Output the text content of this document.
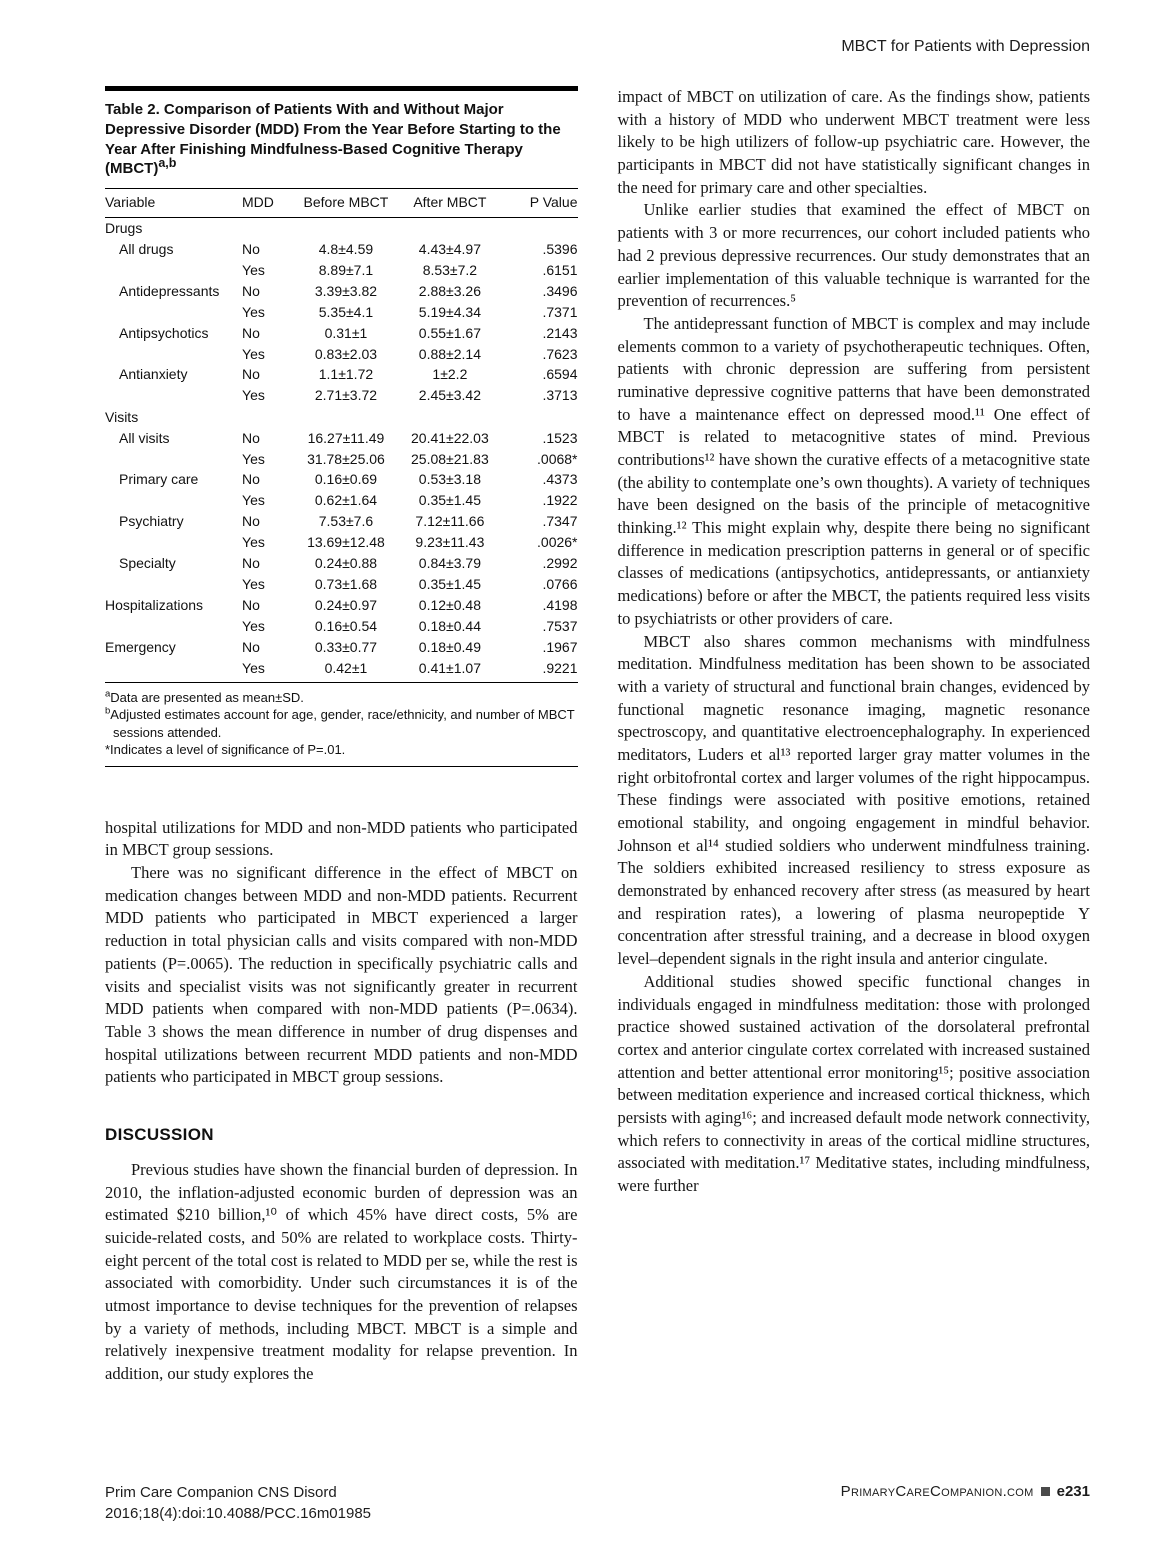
MBCT for Patients with Depression
Table 2. Comparison of Patients With and Without Major Depressive Disorder (MDD) From the Year Before Starting to the Year After Finishing Mindfulness-Based Cognitive Therapy (MBCT)$^{a,b}$
Variable	MDD	Before MBCT	After MBCT	P Value
Drugs				
All drugs	No	4.8±4.59	4.43±4.97	.5396
	Yes	8.89±7.1	8.53±7.2	.6151
Antidepressants	No	3.39±3.82	2.88±3.26	.3496
	Yes	5.35±4.1	5.19±4.34	.7371
Antipsychotics	No	0.31±1	0.55±1.67	.2143
	Yes	0.83±2.03	0.88±2.14	.7623
Antianxiety	No	1.1±1.72	1±2.2	.6594
	Yes	2.71±3.72	2.45±3.42	.3713
Visits				
All visits	No	16.27±11.49	20.41±22.03	.1523
	Yes	31.78±25.06	25.08±21.83	.0068*
Primary care	No	0.16±0.69	0.53±3.18	.4373
	Yes	0.62±1.64	0.35±1.45	.1922
Psychiatry	No	7.53±7.6	7.12±11.66	.7347
	Yes	13.69±12.48	9.23±11.43	.0026*
Specialty	No	0.24±0.88	0.84±3.79	.2992
	Yes	0.73±1.68	0.35±1.45	.0766
Hospitalizations	No	0.24±0.97	0.12±0.48	.4198
	Yes	0.16±0.54	0.18±0.44	.7537
Emergency	No	0.33±0.77	0.18±0.49	.1967
	Yes	0.42±1	0.41±1.07	.9221
$^a$Data are presented as mean±SD.
$^b$Adjusted estimates account for age, gender, race/ethnicity, and number of MBCT sessions attended.
*Indicates a level of significance of P=.01.

hospital utilizations for MDD and non-MDD patients who participated in MBCT group sessions.

There was no significant difference in the effect of MBCT on medication changes between MDD and non-MDD patients. Recurrent MDD patients who participated in MBCT experienced a larger reduction in total physician calls and visits compared with non-MDD patients (P=.0065). The reduction in specifically psychiatric calls and visits and specialist visits was not significantly greater in recurrent MDD patients when compared with non-MDD patients (P=.0634). Table 3 shows the mean difference in number of drug dispenses and hospital utilizations between recurrent MDD patients and non-MDD patients who participated in MBCT group sessions.

DISCUSSION

Previous studies have shown the financial burden of depression. In 2010, the inflation-adjusted economic burden of depression was an estimated $210 billion,¹⁰ of which 45% have direct costs, 5% are suicide-related costs, and 50% are related to workplace costs. Thirty-eight percent of the total cost is related to MDD per se, while the rest is associated with comorbidity. Under such circumstances it is of the utmost importance to devise techniques for the prevention of relapses by a variety of methods, including MBCT. MBCT is a simple and relatively inexpensive treatment modality for relapse prevention. In addition, our study explores the

impact of MBCT on utilization of care. As the findings show, patients with a history of MDD who underwent MBCT treatment were less likely to be high utilizers of follow-up psychiatric care. However, the participants in MBCT did not have statistically significant changes in the need for primary care and other specialties.

Unlike earlier studies that examined the effect of MBCT on patients with 3 or more recurrences, our cohort included patients who had 2 previous depressive recurrences. Our study demonstrates that an earlier implementation of this valuable technique is warranted for the prevention of recurrences.⁵

The antidepressant function of MBCT is complex and may include elements common to a variety of psychotherapeutic techniques. Often, patients with chronic depression are suffering from persistent ruminative depressive cognitive patterns that have been demonstrated to have a maintenance effect on depressed mood.¹¹ One effect of MBCT is related to metacognitive states of mind. Previous contributions¹² have shown the curative effects of a metacognitive state (the ability to contemplate one’s own thoughts). A variety of techniques have been designed on the basis of the principle of metacognitive thinking.¹² This might explain why, despite there being no significant difference in medication prescription patterns in general or of specific classes of medications (antipsychotics, antidepressants, or antianxiety medications) before or after the MBCT, the patients required less visits to psychiatrists or other providers of care.

MBCT also shares common mechanisms with mindfulness meditation. Mindfulness meditation has been shown to be associated with a variety of structural and functional brain changes, evidenced by functional magnetic resonance imaging, magnetic resonance spectroscopy, and quantitative electroencephalography. In experienced meditators, Luders et al¹³ reported larger gray matter volumes in the right orbitofrontal cortex and larger volumes of the right hippocampus. These findings were associated with positive emotions, retained emotional stability, and ongoing engagement in mindful behavior. Johnson et al¹⁴ studied soldiers who underwent mindfulness training. The soldiers exhibited increased resiliency to stress exposure as demonstrated by enhanced recovery after stress (as measured by heart and respiration rates), a lowering of plasma neuropeptide Y concentration after stressful training, and a decrease in blood oxygen level–dependent signals in the right insula and anterior cingulate.

Additional studies showed specific functional changes in individuals engaged in mindfulness meditation: those with prolonged practice showed sustained activation of the dorsolateral prefrontal cortex and anterior cingulate cortex correlated with increased sustained attention and better attentional error monitoring¹⁵; positive association between meditation experience and increased cortical thickness, which persists with aging¹⁶; and increased default mode network connectivity, which refers to connectivity in areas of the cortical midline structures, associated with meditation.¹⁷ Meditative states, including mindfulness, were further

Prim Care Companion CNS Disord
2016;18(4):doi:10.4088/PCC.16m01985
PrimaryCareCompanion.com e231
